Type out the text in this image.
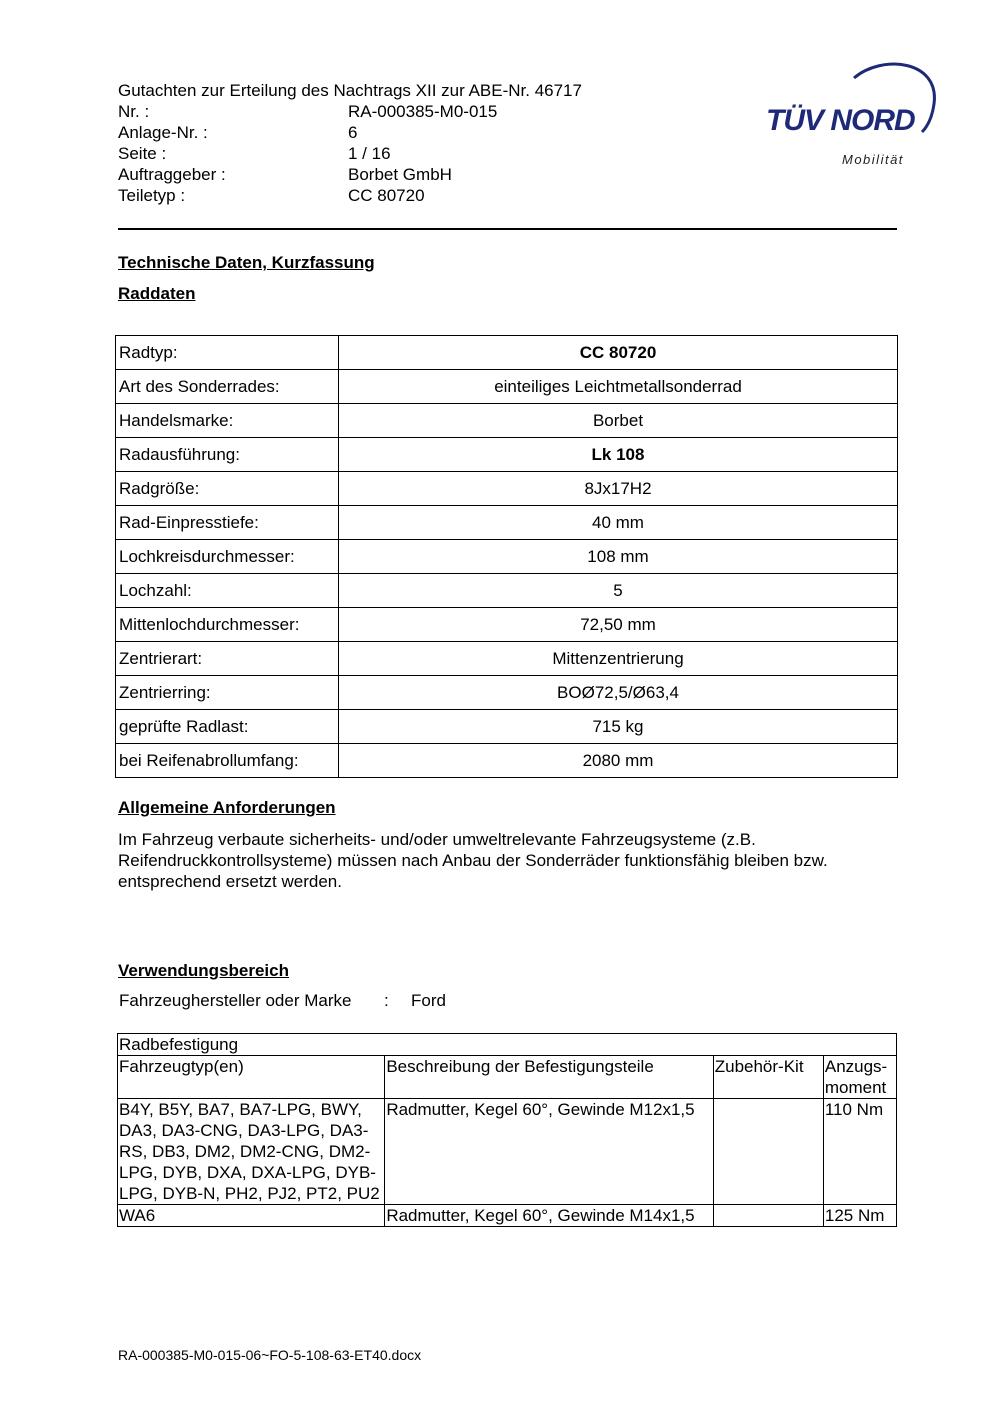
Gutachten zur Erteilung des Nachtrags XII zur ABE-Nr. 46717
Nr. :	RA-000385-M0-015
Anlage-Nr. :	6
Seite :	1 / 16
Auftraggeber :	Borbet GmbH
Teiletyp :	CC 80720
TÜV NORD
Mobilität
Technische Daten, Kurzfassung
Raddaten
Radtyp:	CC 80720
Art des Sonderrades:	einteiliges Leichtmetallsonderrad
Handelsmarke:	Borbet
Radausführung:	Lk 108
Radgröße:	8Jx17H2
Rad-Einpresstiefe:	40 mm
Lochkreisdurchmesser:	108 mm
Lochzahl:	5
Mittenlochdurchmesser:	72,50 mm
Zentrierart:	Mittenzentrierung
Zentrierring:	BOØ72,5/Ø63,4
geprüfte Radlast:	715 kg
bei Reifenabrollumfang:	2080 mm
Allgemeine Anforderungen
Im Fahrzeug verbaute sicherheits- und/oder umweltrelevante Fahrzeugsysteme (z.B.
Reifendruckkontrollsysteme) müssen nach Anbau der Sonderräder funktionsfähig bleiben bzw.
entsprechend ersetzt werden.
Verwendungsbereich
Fahrzeughersteller oder Marke : Ford
Radbefestigung			
Fahrzeugtyp(en)	Beschreibung der Befestigungsteile	Zubehör-Kit	Anzugs-moment
B4Y, B5Y, BA7, BA7-LPG, BWY, DA3, DA3-CNG, DA3-LPG, DA3-RS, DB3, DM2, DM2-CNG, DM2-LPG, DYB, DXA, DXA-LPG, DYB-LPG, DYB-N, PH2, PJ2, PT2, PU2	Radmutter, Kegel 60°, Gewinde M12x1,5		110 Nm
WA6	Radmutter, Kegel 60°, Gewinde M14x1,5		125 Nm
RA-000385-M0-015-06~FO-5-108-63-ET40.docx
